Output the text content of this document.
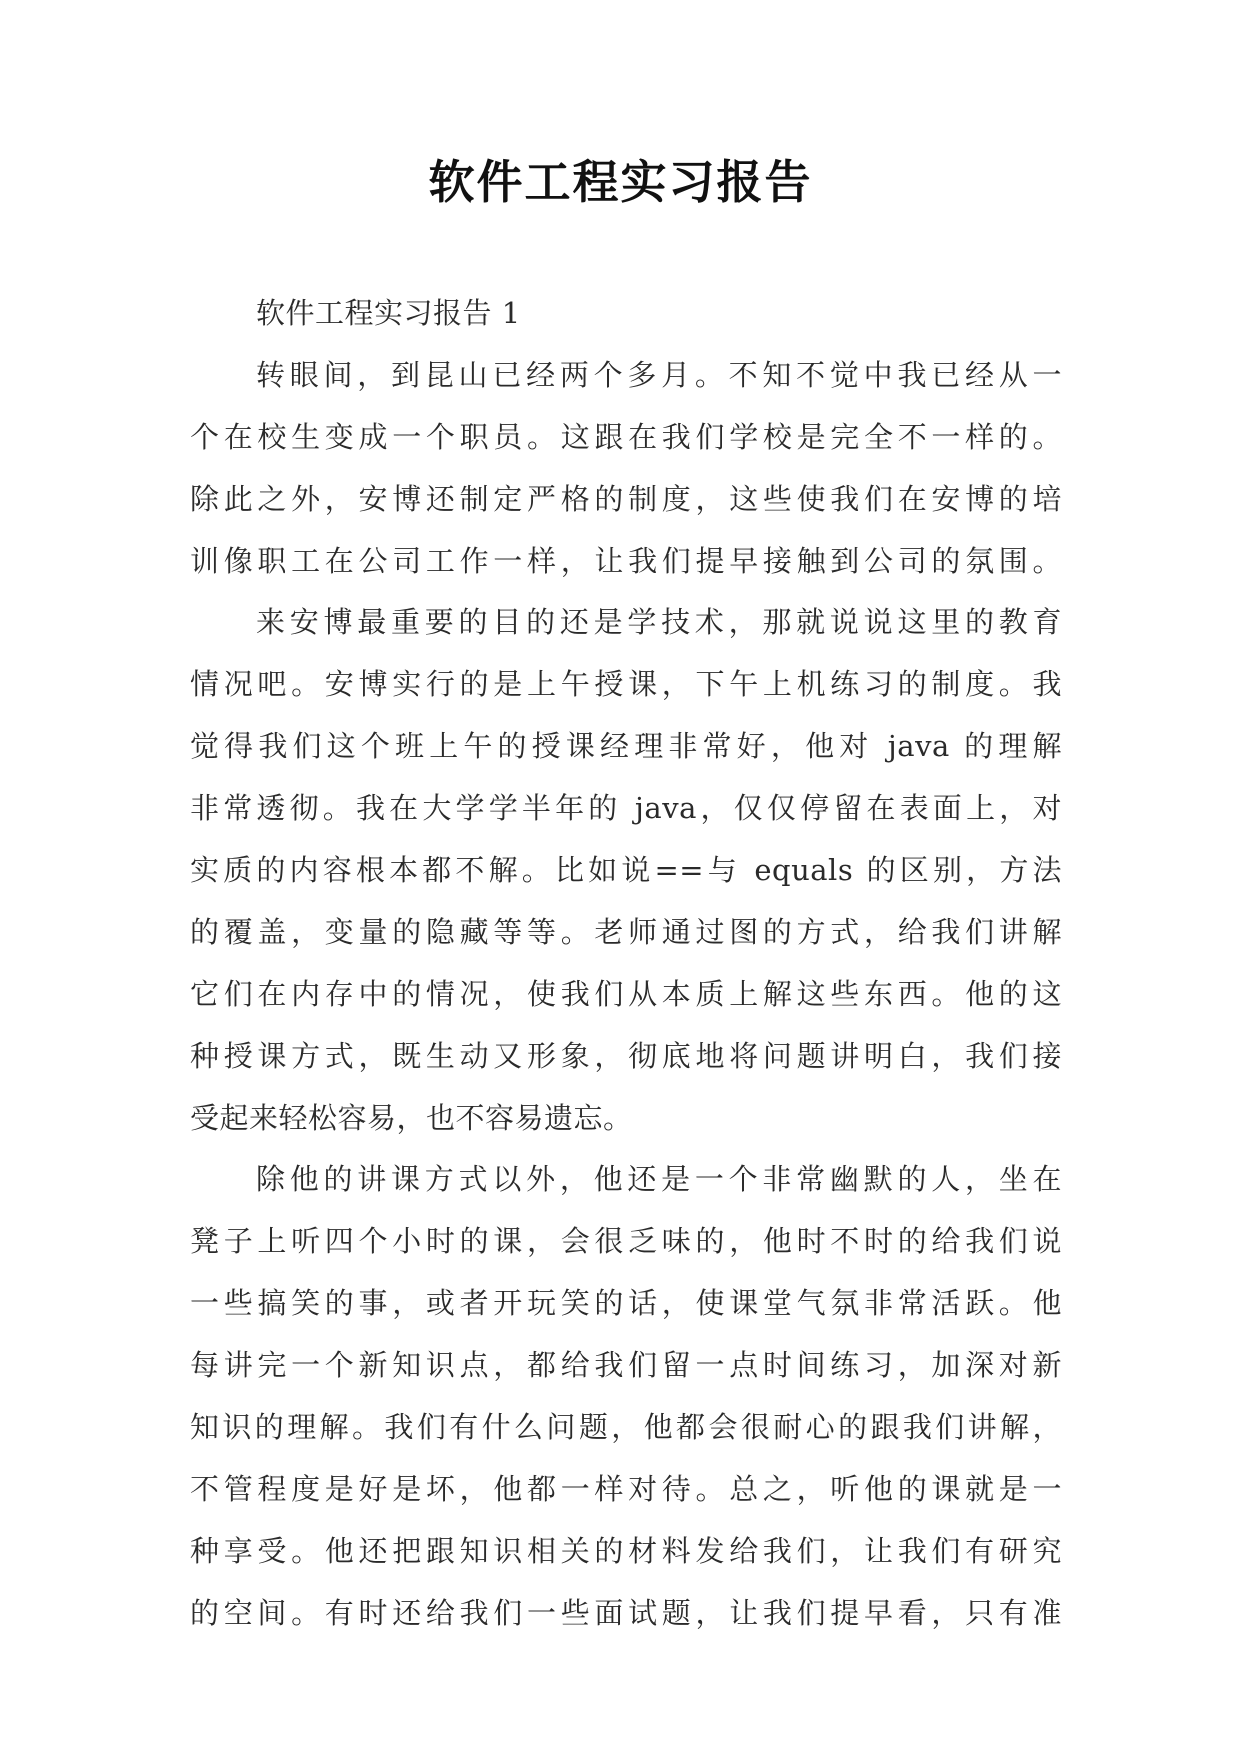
软件工程实习报告
软件工程实习报告 1
转眼间，到昆山已经两个多月。不知不觉中我已经从一
个在校生变成一个职员。这跟在我们学校是完全不一样的。
除此之外，安博还制定严格的制度，这些使我们在安博的培
训像职工在公司工作一样，让我们提早接触到公司的氛围。
来安博最重要的目的还是学技术，那就说说这里的教育
情况吧。安博实行的是上午授课，下午上机练习的制度。我
觉得我们这个班上午的授课经理非常好，他对 java 的理解
非常透彻。我在大学学半年的 java，仅仅停留在表面上，对
实质的内容根本都不解。比如说==与 equals 的区别，方法
的覆盖，变量的隐藏等等。老师通过图的方式，给我们讲解
它们在内存中的情况，使我们从本质上解这些东西。他的这
种授课方式，既生动又形象，彻底地将问题讲明白，我们接
受起来轻松容易，也不容易遗忘。
除他的讲课方式以外，他还是一个非常幽默的人，坐在
凳子上听四个小时的课，会很乏味的，他时不时的给我们说
一些搞笑的事，或者开玩笑的话，使课堂气氛非常活跃。他
每讲完一个新知识点，都给我们留一点时间练习，加深对新
知识的理解。我们有什么问题，他都会很耐心的跟我们讲解，
不管程度是好是坏，他都一样对待。总之，听他的课就是一
种享受。他还把跟知识相关的材料发给我们，让我们有研究
的空间。有时还给我们一些面试题，让我们提早看，只有准
